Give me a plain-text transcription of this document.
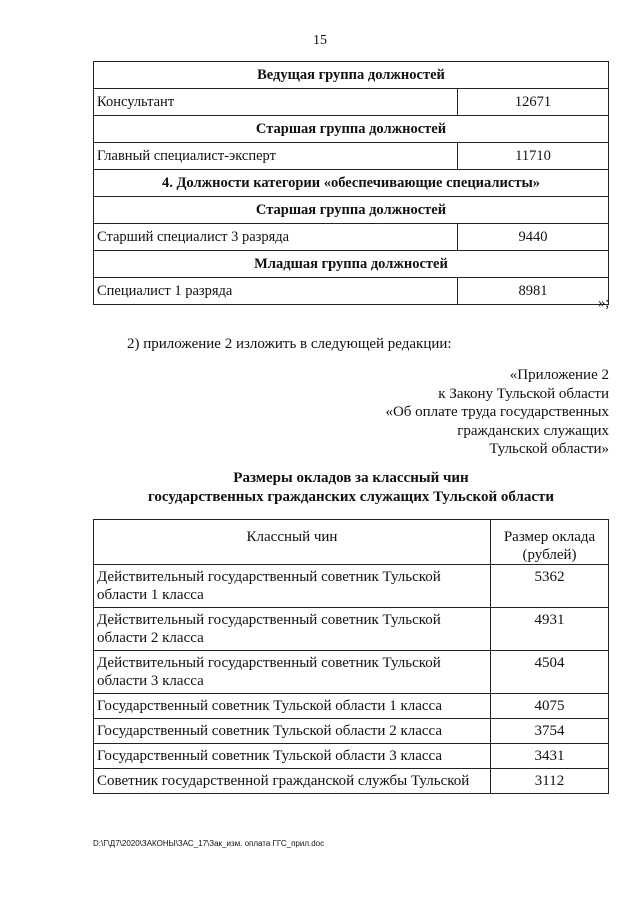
15
Ведущая группа должностей	
Консультант	12671
Старшая группа должностей	
Главный специалист-эксперт	11710
4. Должности категории «обеспечивающие специалисты»	
Старшая группа должностей	
Старший специалист 3 разряда	9440
Младшая группа должностей	
Специалист 1 разряда	8981
»;
2) приложение 2 изложить в следующей редакции:
«Приложение 2
к Закону Тульской области
«Об оплате труда государственных
гражданских служащих
Тульской области»
Размеры окладов за классный чин
государственных гражданских служащих Тульской области
Классный чин	Размер оклада
(рублей)

Действительный государственный советник Тульской области 1 класса	5362
Действительный государственный советник Тульской области 2 класса	4931
Действительный государственный советник Тульской области 3 класса	4504
Государственный советник Тульской области 1 класса	4075
Государственный советник Тульской области 2 класса	3754
Государственный советник Тульской области 3 класса	3431
Советник государственной гражданской службы Тульской	3112
D:\Г\Д7\2020\ЗАКОНЫ\ЗАС_17\Зак_изм. оплата ГГС_прил.doc
